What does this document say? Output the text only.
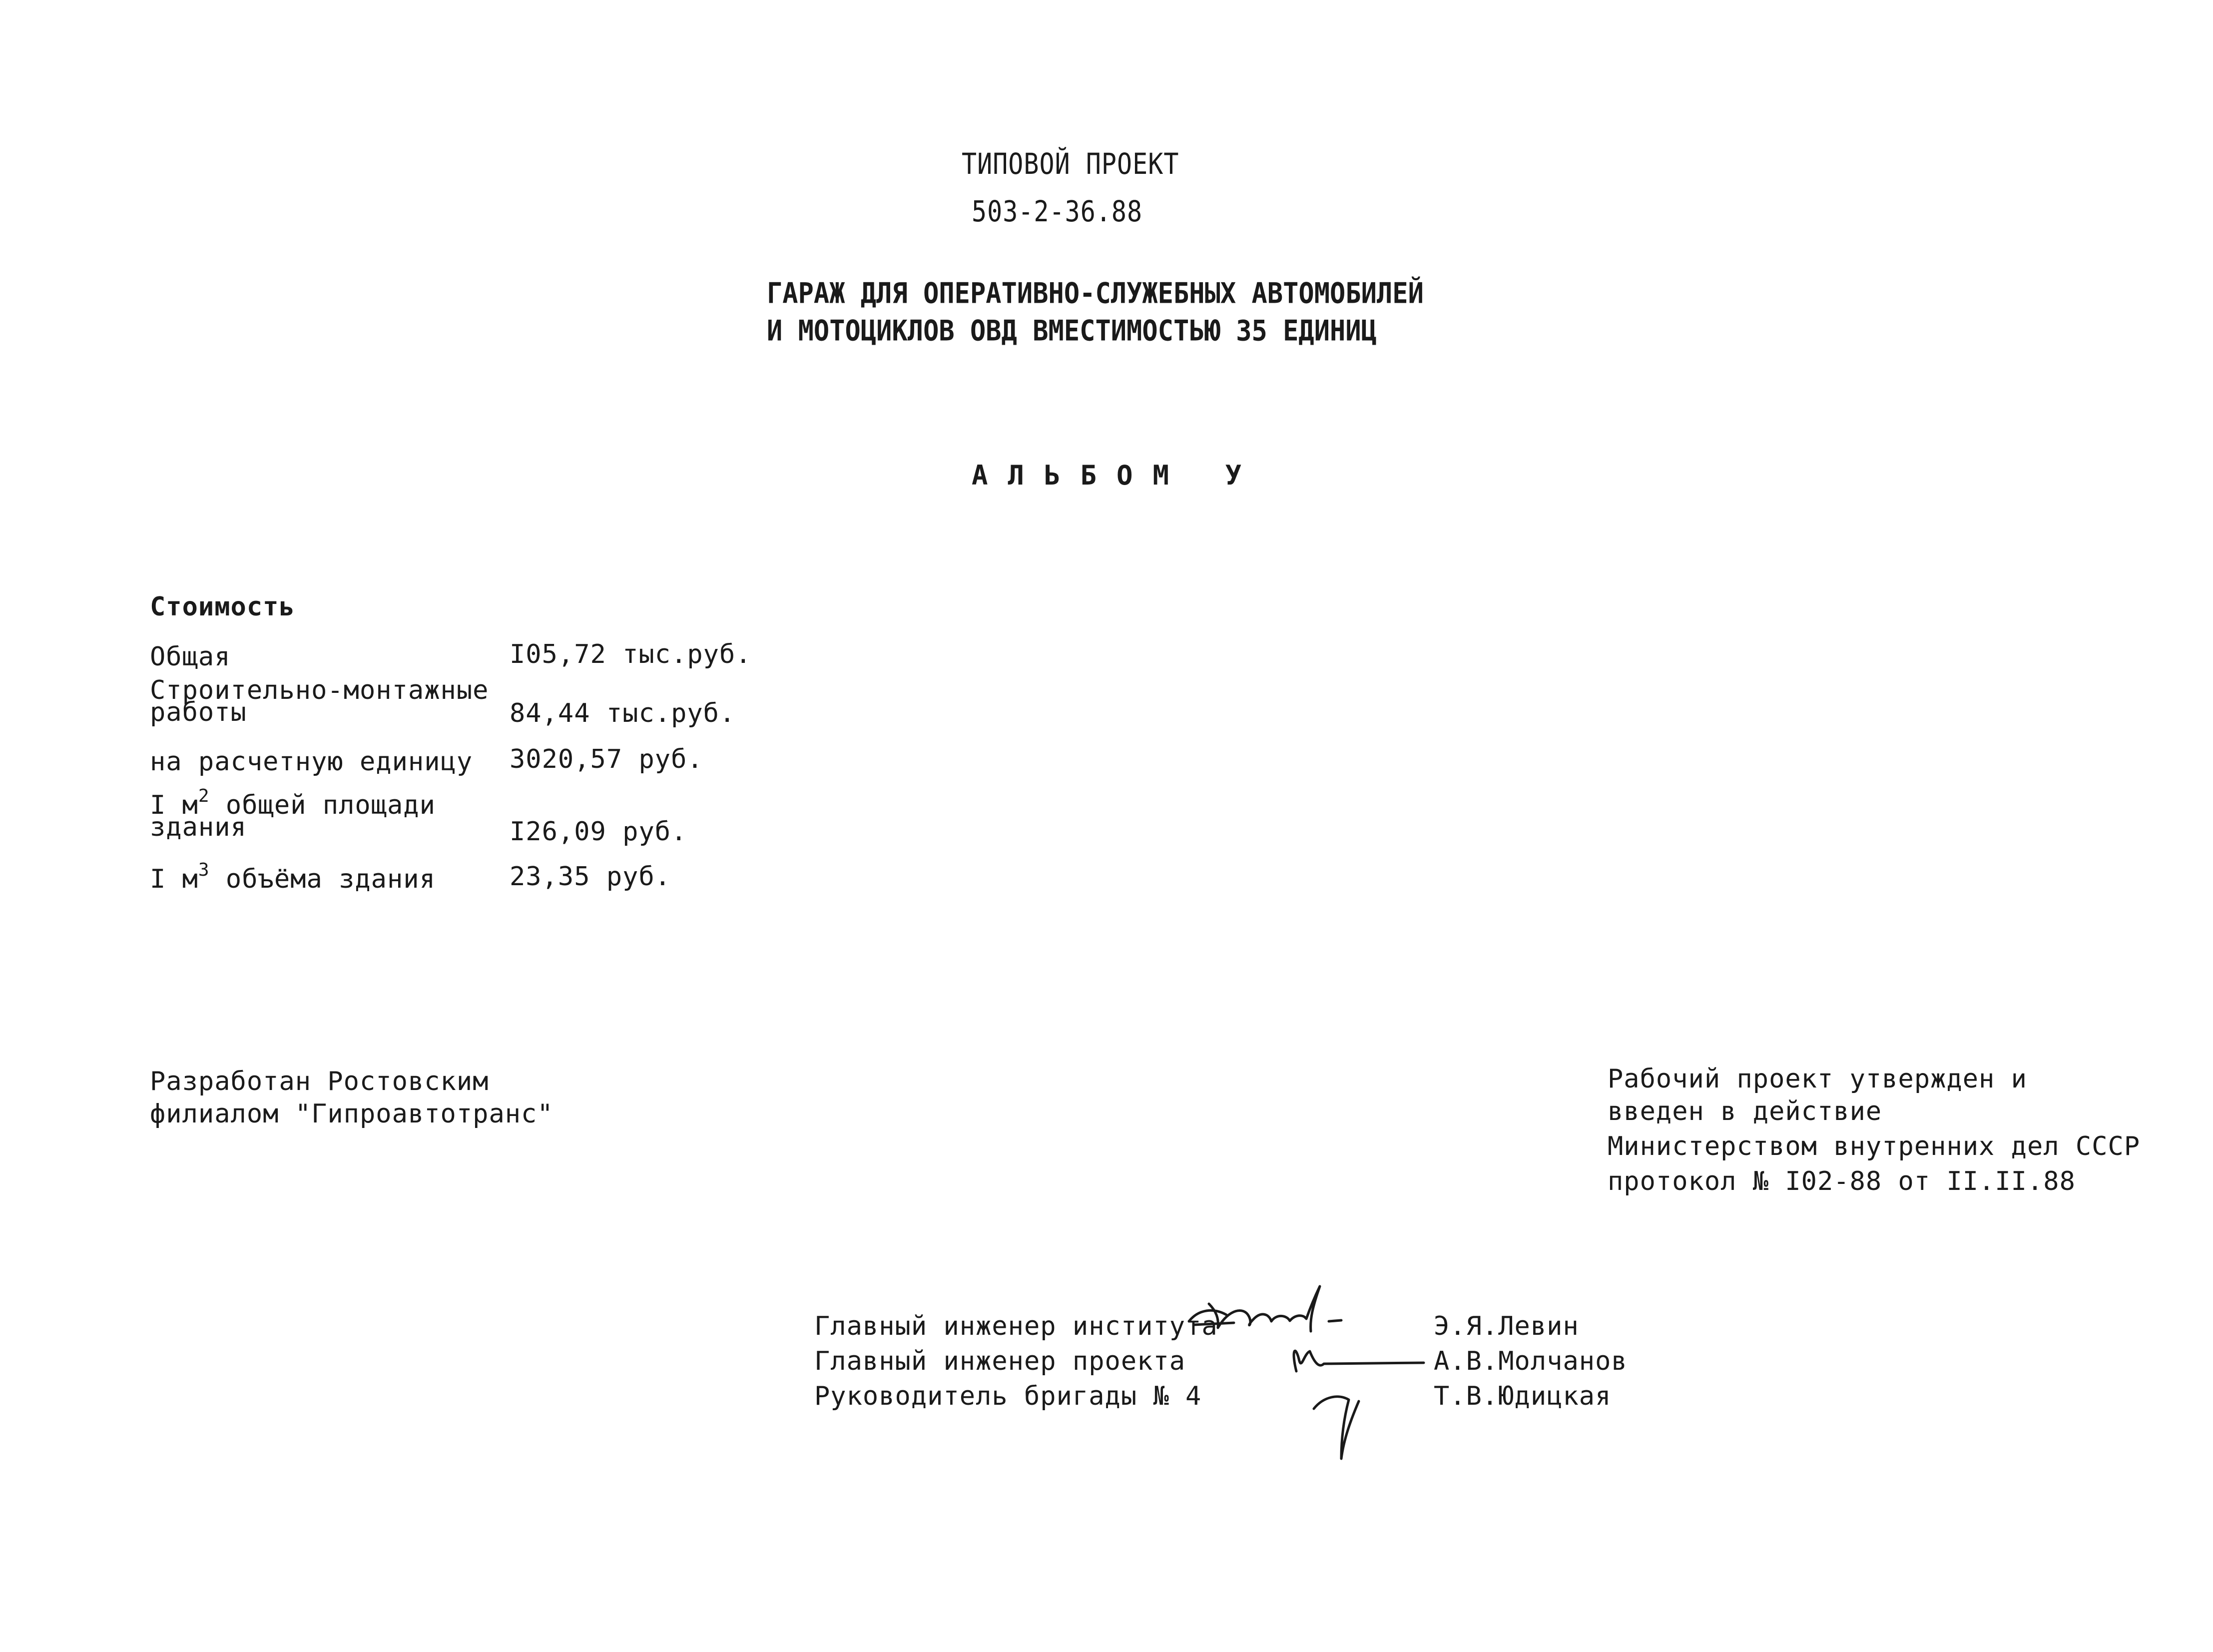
ТИПОВОЙ ПРОЕКТ
503-2-36.88
ГАРАЖ ДЛЯ ОПЕРАТИВНО-СЛУЖЕБНЫХ АВТОМОБИЛЕЙ
И МОТОЦИКЛОВ ОВД ВМЕСТИМОСТЬЮ 35 ЕДИНИЦ
АЛЬБОМ У
Стоимость
Общая	I05,72 тыс.руб.
Строительно-монтажные
работы	84,44 тыс.руб.
на расчетную единицу 3020,57 руб.
I $м^2$ общей площади
здания	I26,09 руб.
I $м^3$ объёма здания	23,35 руб.
Разработан Ростовским
филиалом "Гипроавтотранс"
Рабочий проект утвержден и
введен в действие
Министерством внутренних дел СССР
протокол № I02-88 от II.II.88
Главный инженер института	Э.Я.Левин
Главный инженер проекта	А.В.Молчанов
Руководитель бригады № 4	Т.В.Юдицкая
